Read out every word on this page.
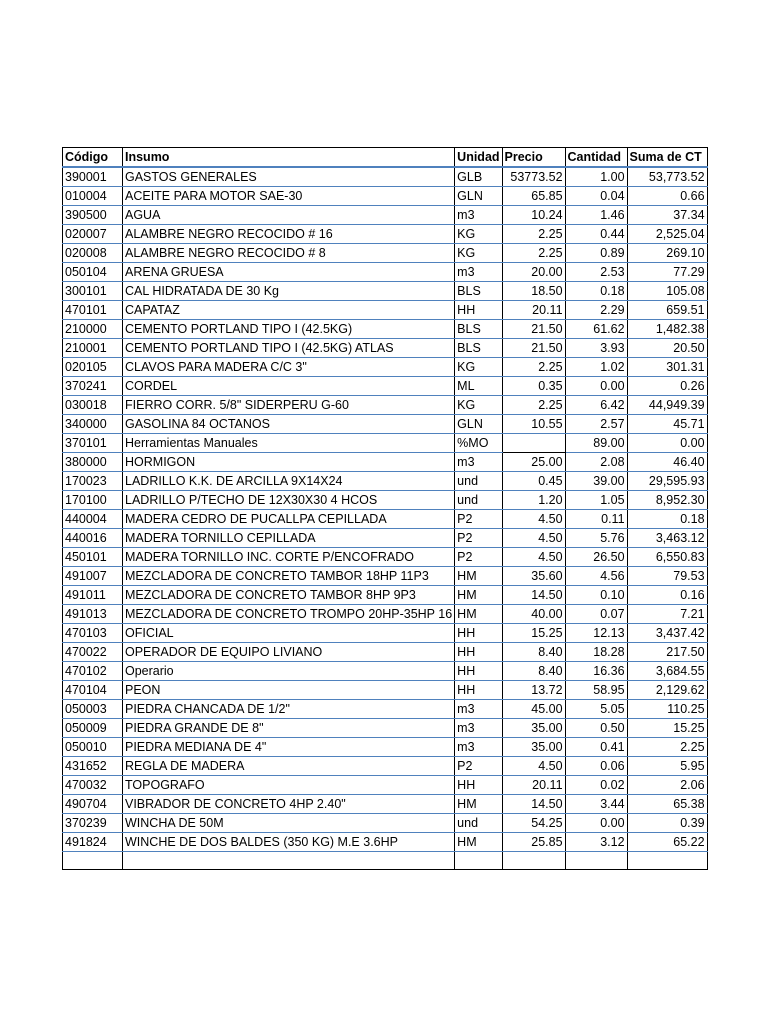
Código	Insumo	Unidad	Precio	Cantidad	Suma de CT
390001	GASTOS GENERALES	GLB	53773.52	1.00	53,773.52
010004	ACEITE PARA MOTOR SAE-30	GLN	65.85	0.04	0.66
390500	AGUA	m3	10.24	1.46	37.34
020007	ALAMBRE NEGRO RECOCIDO # 16	KG	2.25	0.44	2,525.04
020008	ALAMBRE NEGRO RECOCIDO # 8	KG	2.25	0.89	269.10
050104	ARENA GRUESA	m3	20.00	2.53	77.29
300101	CAL HIDRATADA DE 30 Kg	BLS	18.50	0.18	105.08
470101	CAPATAZ	HH	20.11	2.29	659.51
210000	CEMENTO PORTLAND TIPO I (42.5KG)	BLS	21.50	61.62	1,482.38
210001	CEMENTO PORTLAND TIPO I (42.5KG) ATLAS	BLS	21.50	3.93	20.50
020105	CLAVOS PARA MADERA C/C 3"	KG	2.25	1.02	301.31
370241	CORDEL	ML	0.35	0.00	0.26
030018	FIERRO CORR. 5/8" SIDERPERU G-60	KG	2.25	6.42	44,949.39
340000	GASOLINA 84 OCTANOS	GLN	10.55	2.57	45.71
370101	Herramientas Manuales	%MO		89.00	0.00
380000	HORMIGON	m3	25.00	2.08	46.40
170023	LADRILLO K.K. DE ARCILLA 9X14X24	und	0.45	39.00	29,595.93
170100	LADRILLO P/TECHO DE 12X30X30 4 HCOS	und	1.20	1.05	8,952.30
440004	MADERA CEDRO DE PUCALLPA CEPILLADA	P2	4.50	0.11	0.18
440016	MADERA TORNILLO CEPILLADA	P2	4.50	5.76	3,463.12
450101	MADERA TORNILLO INC. CORTE P/ENCOFRADO	P2	4.50	26.50	6,550.83
491007	MEZCLADORA DE CONCRETO TAMBOR 18HP 11P3	HM	35.60	4.56	79.53
491011	MEZCLADORA DE CONCRETO TAMBOR 8HP 9P3	HM	14.50	0.10	0.16
491013	MEZCLADORA DE CONCRETO TROMPO 20HP-35HP 16	HM	40.00	0.07	7.21
470103	OFICIAL	HH	15.25	12.13	3,437.42
470022	OPERADOR DE EQUIPO LIVIANO	HH	8.40	18.28	217.50
470102	Operario	HH	8.40	16.36	3,684.55
470104	PEON	HH	13.72	58.95	2,129.62
050003	PIEDRA CHANCADA DE 1/2"	m3	45.00	5.05	110.25
050009	PIEDRA GRANDE DE 8"	m3	35.00	0.50	15.25
050010	PIEDRA MEDIANA DE 4"	m3	35.00	0.41	2.25
431652	REGLA DE MADERA	P2	4.50	0.06	5.95
470032	TOPOGRAFO	HH	20.11	0.02	2.06
490704	VIBRADOR DE CONCRETO 4HP 2.40"	HM	14.50	3.44	65.38
370239	WINCHA DE 50M	und	54.25	0.00	0.39
491824	WINCHE DE DOS BALDES (350 KG) M.E 3.6HP	HM	25.85	3.12	65.22
